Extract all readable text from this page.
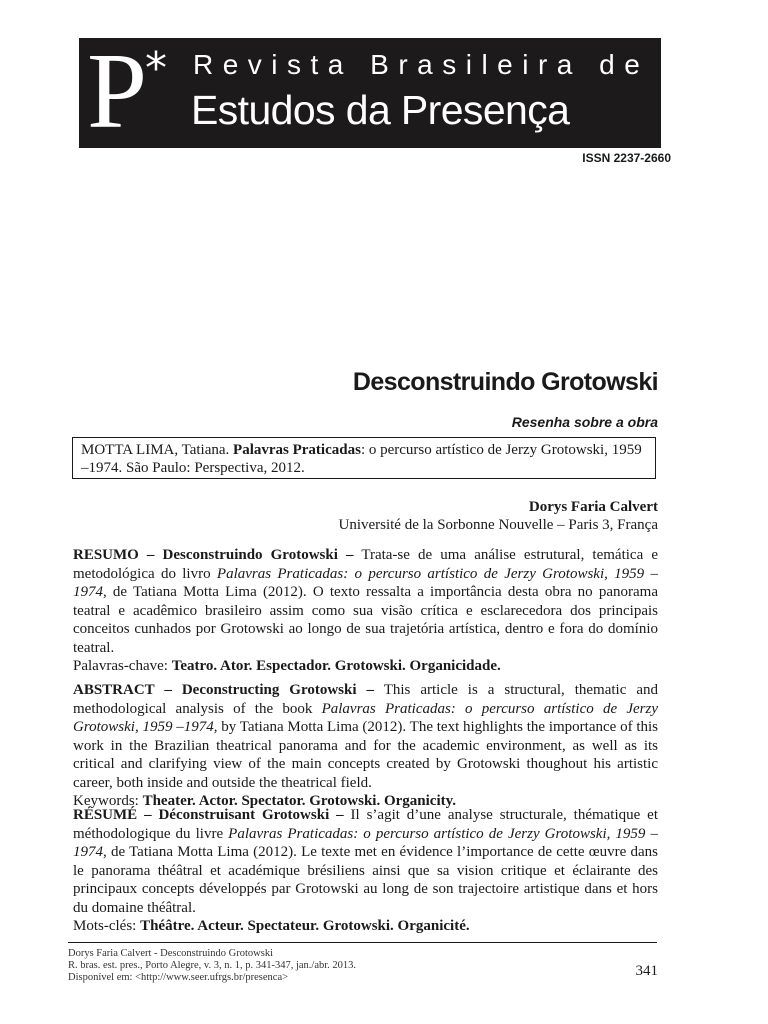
P
* Revista Brasileira de
Estudos da Presença
ISSN 2237-2660
Desconstruindo Grotowski
Resenha sobre a obra
MOTTA LIMA, Tatiana. Palavras Praticadas: o percurso artístico de Jerzy Grotowski, 1959 –1974. São Paulo: Perspectiva, 2012.
Dorys Faria Calvert
Université de la Sorbonne Nouvelle – Paris 3, França

RESUMO – Desconstruindo Grotowski – Trata-se de uma análise estrutural, temática e metodológica do livro Palavras Praticadas: o percurso artístico de Jerzy Grotowski, 1959 –1974, de Tatiana Motta Lima (2012). O texto ressalta a importância desta obra no panorama teatral e acadêmico brasileiro assim como sua visão crítica e esclarecedora dos principais conceitos cunhados por Grotowski ao longo de sua trajetória artística, dentro e fora do domínio teatral.

Palavras-chave: Teatro. Ator. Espectador. Grotowski. Organicidade.

ABSTRACT – Deconstructing Grotowski – This article is a structural, thematic and methodological analysis of the book Palavras Praticadas: o percurso artístico de Jerzy Grotowski, 1959 –1974, by Tatiana Motta Lima (2012). The text highlights the importance of this work in the Brazilian theatrical panorama and for the academic environment, as well as its critical and clarifying view of the main concepts created by Grotowski thoughout his artistic career, both inside and outside the theatrical field.

Keywords: Theater. Actor. Spectator. Grotowski. Organicity.

RÉSUMÉ – Déconstruisant Grotowski – Il s’agit d’une analyse structurale, thématique et méthodologique du livre Palavras Praticadas: o percurso artístico de Jerzy Grotowski, 1959 –1974, de Tatiana Motta Lima (2012). Le texte met en évidence l’importance de cette œuvre dans le panorama théâtral et académique brésiliens ainsi que sa vision critique et éclairante des principaux concepts développés par Grotowski au long de son trajectoire artistique dans et hors du domaine théâtral.

Mots-clés: Théâtre. Acteur. Spectateur. Grotowski. Organicité.

Dorys Faria Calvert - Desconstruindo Grotowski
R. bras. est. pres., Porto Alegre, v. 3, n. 1, p. 341-347, jan./abr. 2013.
Disponível em: <http://www.seer.ufrgs.br/presenca>	341
